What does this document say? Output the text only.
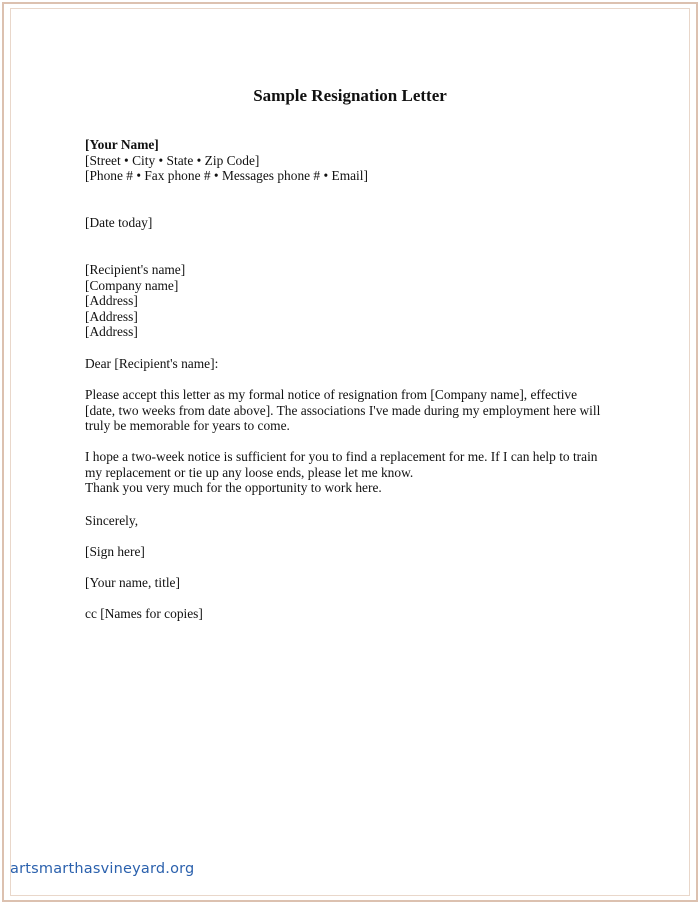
Sample Resignation Letter
[Your Name]
[Street • City • State • Zip Code]
[Phone # • Fax phone # • Messages phone # • Email]
[Date today]
[Recipient's name]
[Company name]
[Address]
[Address]
[Address]
Dear [Recipient's name]:
Please accept this letter as my formal notice of resignation from [Company name], effective
[date, two weeks from date above]. The associations I've made during my employment here will
truly be memorable for years to come.
I hope a two-week notice is sufficient for you to find a replacement for me. If I can help to train
my replacement or tie up any loose ends, please let me know.
Thank you very much for the opportunity to work here.
Sincerely,
[Sign here]
[Your name, title]
cc [Names for copies]
artsmarthasvineyard.org
